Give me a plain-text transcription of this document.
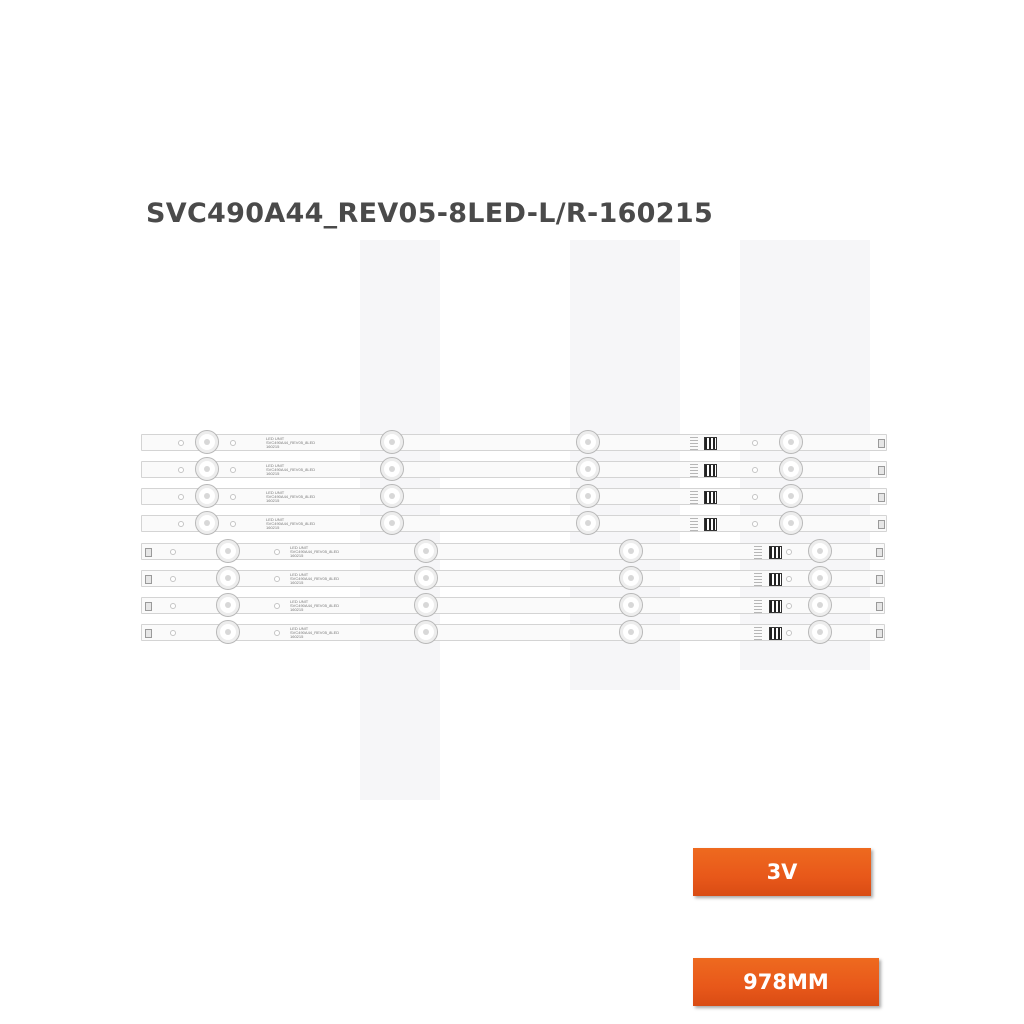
SVC490A44_REV05-8LED-L/R-160215
LED UNIT
SVC490A44_REV05_8LED
160215
LED UNIT
SVC490A44_REV05_8LED
160215
LED UNIT
SVC490A44_REV05_8LED
160215
LED UNIT
SVC490A44_REV05_8LED
160215
LED UNIT
SVC490A44_REV05_8LED
160215
LED UNIT
SVC490A44_REV05_8LED
160215
LED UNIT
SVC490A44_REV05_8LED
160215
LED UNIT
SVC490A44_REV05_8LED
160215
3V
978MM
